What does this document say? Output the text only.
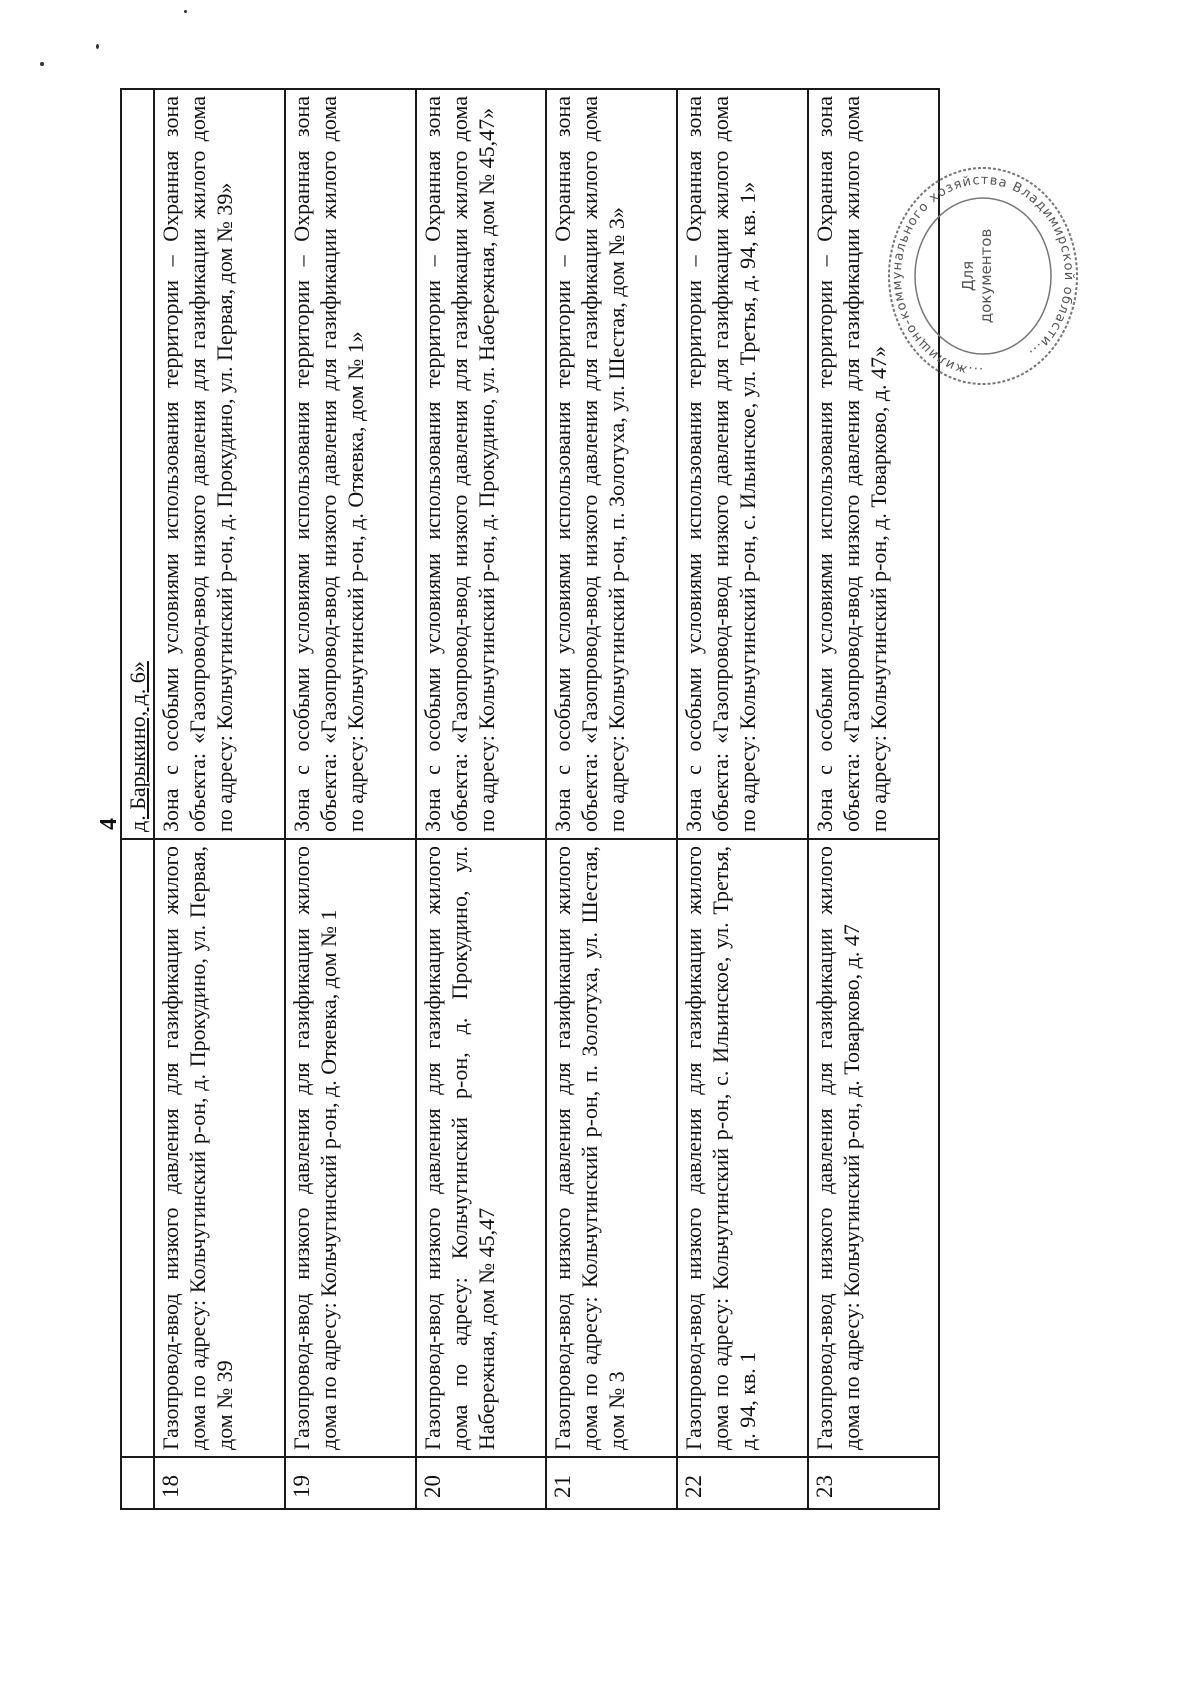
4
		д. Барыкино, д. 6»
18	Газопровод-ввод низкого давления для газификации жилого дома по адресу: Кольчугинский р-он, д. Прокудино, ул. Первая, дом № 39	Зона с особыми условиями использования территории – Охранная зона объекта: «Газопровод-ввод низкого давления для газификации жилого дома по адресу: Кольчугинский р-он, д. Прокудино, ул. Первая, дом № 39»
19	Газопровод-ввод низкого давления для газификации жилого дома по адресу: Кольчугинский р-он, д. Отяевка, дом № 1	Зона с особыми условиями использования территории – Охранная зона объекта: «Газопровод-ввод низкого давления для газификации жилого дома по адресу: Кольчугинский р-он, д. Отяевка, дом № 1»
20	Газопровод-ввод низкого давления для газификации жилого дома по адресу: Кольчугинский р-он, д. Прокудино, ул. Набережная, дом № 45,47	Зона с особыми условиями использования территории – Охранная зона объекта: «Газопровод-ввод низкого давления для газификации жилого дома по адресу: Кольчугинский р-он, д. Прокудино, ул. Набережная, дом № 45,47»
21	Газопровод-ввод низкого давления для газификации жилого дома по адресу: Кольчугинский р-он, п. Золотуха, ул. Шестая, дом № 3	Зона с особыми условиями использования территории – Охранная зона объекта: «Газопровод-ввод низкого давления для газификации жилого дома по адресу: Кольчугинский р-он, п. Золотуха, ул. Шестая, дом № 3»
22	Газопровод-ввод низкого давления для газификации жилого дома по адресу: Кольчугинский р-он, с. Ильинское, ул. Третья, д. 94, кв. 1	Зона с особыми условиями использования территории – Охранная зона объекта: «Газопровод-ввод низкого давления для газификации жилого дома по адресу: Кольчугинский р-он, с. Ильинское, ул. Третья, д. 94, кв. 1»
23	Газопровод-ввод низкого давления для газификации жилого дома по адресу: Кольчугинский р-он, д. Товарково, д. 47	Зона с особыми условиями использования территории – Охранная зона объекта: «Газопровод-ввод низкого давления для газификации жилого дома по адресу: Кольчугинский р-он, д. Товарково, д. 47»	...жилищно-коммунального хозяйства Владимирской области...
Для документов
